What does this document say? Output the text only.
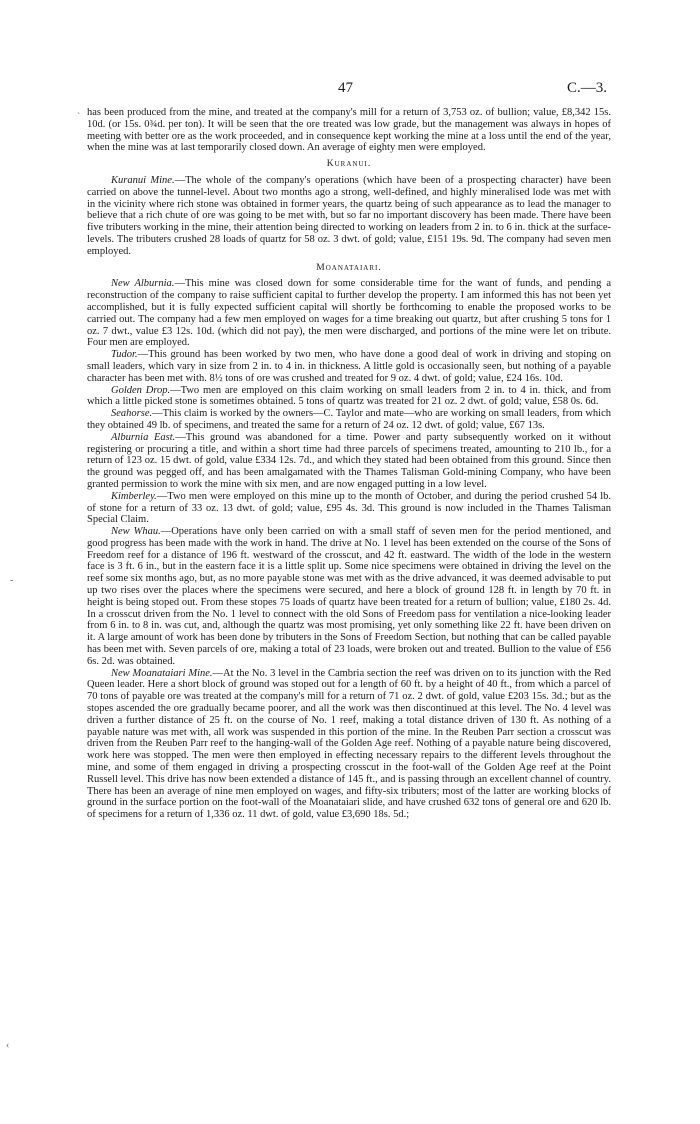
47	C.—3.
ˋ has been produced from the mine, and treated at the company's mill for a return of 3,753 oz. of bullion; value, £8,342 15s. 10d. (or 15s. 0¾d. per ton). It will be seen that the ore treated was low grade, but the management was always in hopes of meeting with better ore as the work proceeded, and in consequence kept working the mine at a loss until the end of the year, when the mine was at last temporarily closed down. An average of eighty men were employed.

Kuranui.

Kuranui Mine.—The whole of the company's operations (which have been of a prospecting character) have been carried on above the tunnel-level. About two months ago a strong, well-defined, and highly mineralised lode was met with in the vicinity where rich stone was obtained in former years, the quartz being of such appearance as to lead the manager to believe that a rich chute of ore was going to be met with, but so far no important discovery has been made. There have been five tributers working in the mine, their attention being directed to working on leaders from 2 in. to 6 in. thick at the surface-levels. The tributers crushed 28 loads of quartz for 58 oz. 3 dwt. of gold; value, £151 19s. 9d. The company had seven men employed.

Moanataiari.

New Alburnia.—This mine was closed down for some considerable time for the want of funds, and pending a reconstruction of the company to raise sufficient capital to further develop the property. I am informed this has not been yet accomplished, but it is fully expected sufficient capital will shortly be forthcoming to enable the proposed works to be carried out. The company had a few men employed on wages for a time breaking out quartz, but after crushing 5 tons for 1 oz. 7 dwt., value £3 12s. 10d. (which did not pay), the men were discharged, and portions of the mine were let on tribute. Four men are employed.

Tudor.—This ground has been worked by two men, who have done a good deal of work in driving and stoping on small leaders, which vary in size from 2 in. to 4 in. in thickness. A little gold is occasionally seen, but nothing of a payable character has been met with. 8½ tons of ore was crushed and treated for 9 oz. 4 dwt. of gold; value, £24 16s. 10d.

Golden Drop.—Two men are employed on this claim working on small leaders from 2 in. to 4 in. thick, and from which a little picked stone is sometimes obtained. 5 tons of quartz was treated for 21 oz. 2 dwt. of gold; value, £58 0s. 6d.

Seahorse.—This claim is worked by the owners—C. Taylor and mate—who are working on small leaders, from which they obtained 49 lb. of specimens, and treated the same for a return of 24 oz. 12 dwt. of gold; value, £67 13s.

Alburnia East.—This ground was abandoned for a time. Power and party subsequently worked on it without registering or procuring a title, and within a short time had three parcels of specimens treated, amounting to 210 lb., for a return of 123 oz. 15 dwt. of gold, value £334 12s. 7d., and which they stated had been obtained from this ground. Since then the ground was pegged off, and has been amalgamated with the Thames Talisman Gold-mining Company, who have been granted permission to work the mine with six men, and are now engaged putting in a low level.

Kimberley.—Two men were employed on this mine up to the month of October, and during the period crushed 54 lb. of stone for a return of 33 oz. 13 dwt. of gold; value, £95 4s. 3d. This ground is now included in the Thames Talisman Special Claim.

New Whau.—Operations have only been carried on with a small staff of seven men for the period mentioned, and good progress has been made with the work in hand. The drive at No. 1 level has been extended on the course of the Sons of Freedom reef for a distance of 196 ft. westward of the crosscut, and 42 ft. eastward. The width of the lode in the western face is 3 ft. 6 in., but in the eastern face it is a little split up. Some nice specimens were obtained in driving the level on the reef some six months ago, but, as no more payable stone was met with as the drive advanced, it was deemed advisable to put up two rises over the places where the specimens were secured, and here a block of ground 128 ft. in length by 70 ft. in height is being stoped out. From these stopes 75 loads of quartz have been treated for a return of bullion; value, £180 2s. 4d. In a crosscut driven from the No. 1 level to connect with the old Sons of Freedom pass for ventilation a nice-looking leader from 6 in. to 8 in. was cut, and, although the quartz was most promising, yet only something like 22 ft. have been driven on it. A large amount of work has been done by tributers in the Sons of Freedom Section, but nothing that can be called payable has been met with. Seven parcels of ore, making a total of 23 loads, were broken out and treated. Bullion to the value of £56 6s. 2d. was obtained.

New Moanataiari Mine.—At the No. 3 level in the Cambria section the reef was driven on to its junction with the Red Queen leader. Here a short block of ground was stoped out for a length of 60 ft. by a height of 40 ft., from which a parcel of 70 tons of payable ore was treated at the company's mill for a return of 71 oz. 2 dwt. of gold, value £203 15s. 3d.; but as the stopes ascended the ore gradually became poorer, and all the work was then discontinued at this level. The No. 4 level was driven a further distance of 25 ft. on the course of No. 1 reef, making a total distance driven of 130 ft. As nothing of a payable nature was met with, all work was suspended in this portion of the mine. In the Reuben Parr section a crosscut was driven from the Reuben Parr reef to the hanging-wall of the Golden Age reef. Nothing of a payable nature being discovered, work here was stopped. The men were then employed in effecting necessary repairs to the different levels throughout the mine, and some of them engaged in driving a prospecting crosscut in the foot-wall of the Golden Age reef at the Point Russell level. This drive has now been extended a distance of 145 ft., and is passing through an excellent channel of country. There has been an average of nine men employed on wages, and fifty-six tributers; most of the latter are working blocks of ground in the surface portion on the foot-wall of the Moanataiari slide, and have crushed 632 tons of general ore and 620 lb. of specimens for a return of 1,336 oz. 11 dwt. of gold, value £3,690 18s. 5d.;

‐
‹
